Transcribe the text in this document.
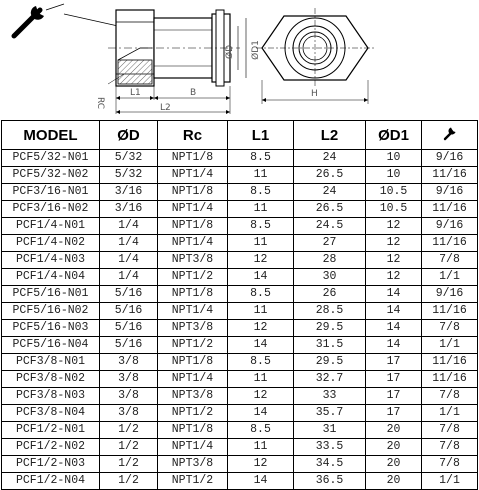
ØD ØD1
RC
L1	B
L2
H
MODEL	ØD	Rc	L1	L2	ØD1	
PCF5/32-N01	5/32	NPT1/8	8.5	24	10	9/16
PCF5/32-N02	5/32	NPT1/4	11	26.5	10	11/16
PCF3/16-N01	3/16	NPT1/8	8.5	24	10.5	9/16
PCF3/16-N02	3/16	NPT1/4	11	26.5	10.5	11/16
PCF1/4-N01	1/4	NPT1/8	8.5	24.5	12	9/16
PCF1/4-N02	1/4	NPT1/4	11	27	12	11/16
PCF1/4-N03	1/4	NPT3/8	12	28	12	7/8
PCF1/4-N04	1/4	NPT1/2	14	30	12	1/1
PCF5/16-N01	5/16	NPT1/8	8.5	26	14	9/16
PCF5/16-N02	5/16	NPT1/4	11	28.5	14	11/16
PCF5/16-N03	5/16	NPT3/8	12	29.5	14	7/8
PCF5/16-N04	5/16	NPT1/2	14	31.5	14	1/1
PCF3/8-N01	3/8	NPT1/8	8.5	29.5	17	11/16
PCF3/8-N02	3/8	NPT1/4	11	32.7	17	11/16
PCF3/8-N03	3/8	NPT3/8	12	33	17	7/8
PCF3/8-N04	3/8	NPT1/2	14	35.7	17	1/1
PCF1/2-N01	1/2	NPT1/8	8.5	31	20	7/8
PCF1/2-N02	1/2	NPT1/4	11	33.5	20	7/8
PCF1/2-N03	1/2	NPT3/8	12	34.5	20	7/8
PCF1/2-N04	1/2	NPT1/2	14	36.5	20	1/1
